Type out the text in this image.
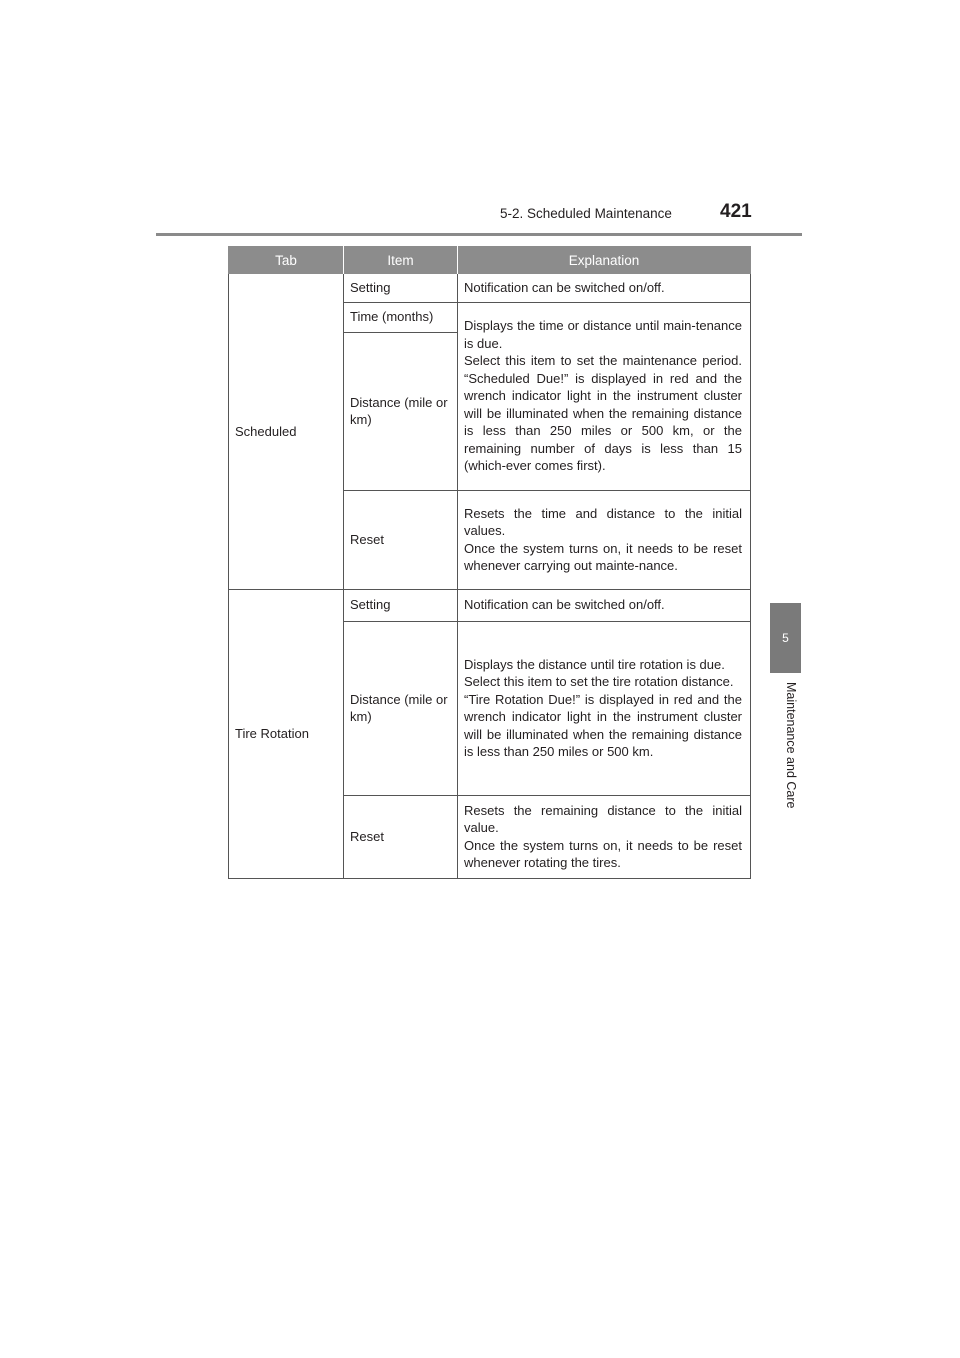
5-2. Scheduled Maintenance	421
5
Maintenance and Care
Tab	Item	Explanation
Scheduled	Setting	Notification can be switched on/off.
	Time (months)	Displays the time or distance until main-tenance is due.

Select this item to set the maintenance period. “Scheduled Due!” is displayed in red and the wrench indicator light in the instrument cluster will be illuminated when the remaining distance is less than 250 miles or 500 km, or the remaining number of days is less than 15 (which-ever comes first).

	Distance (mile or km)	
	Reset	Resets the time and distance to the initial values.

Once the system turns on, it needs to be reset whenever carrying out mainte-nance.

Tire Rotation	Setting	Notification can be switched on/off.
	Distance (mile or km)	Displays the distance until tire rotation is due.

Select this item to set the tire rotation distance.

“Tire Rotation Due!” is displayed in red and the wrench indicator light in the instrument cluster will be illuminated when the remaining distance is less than 250 miles or 500 km.

	Reset	Resets the remaining distance to the initial value.

Once the system turns on, it needs to be reset whenever rotating the tires.
